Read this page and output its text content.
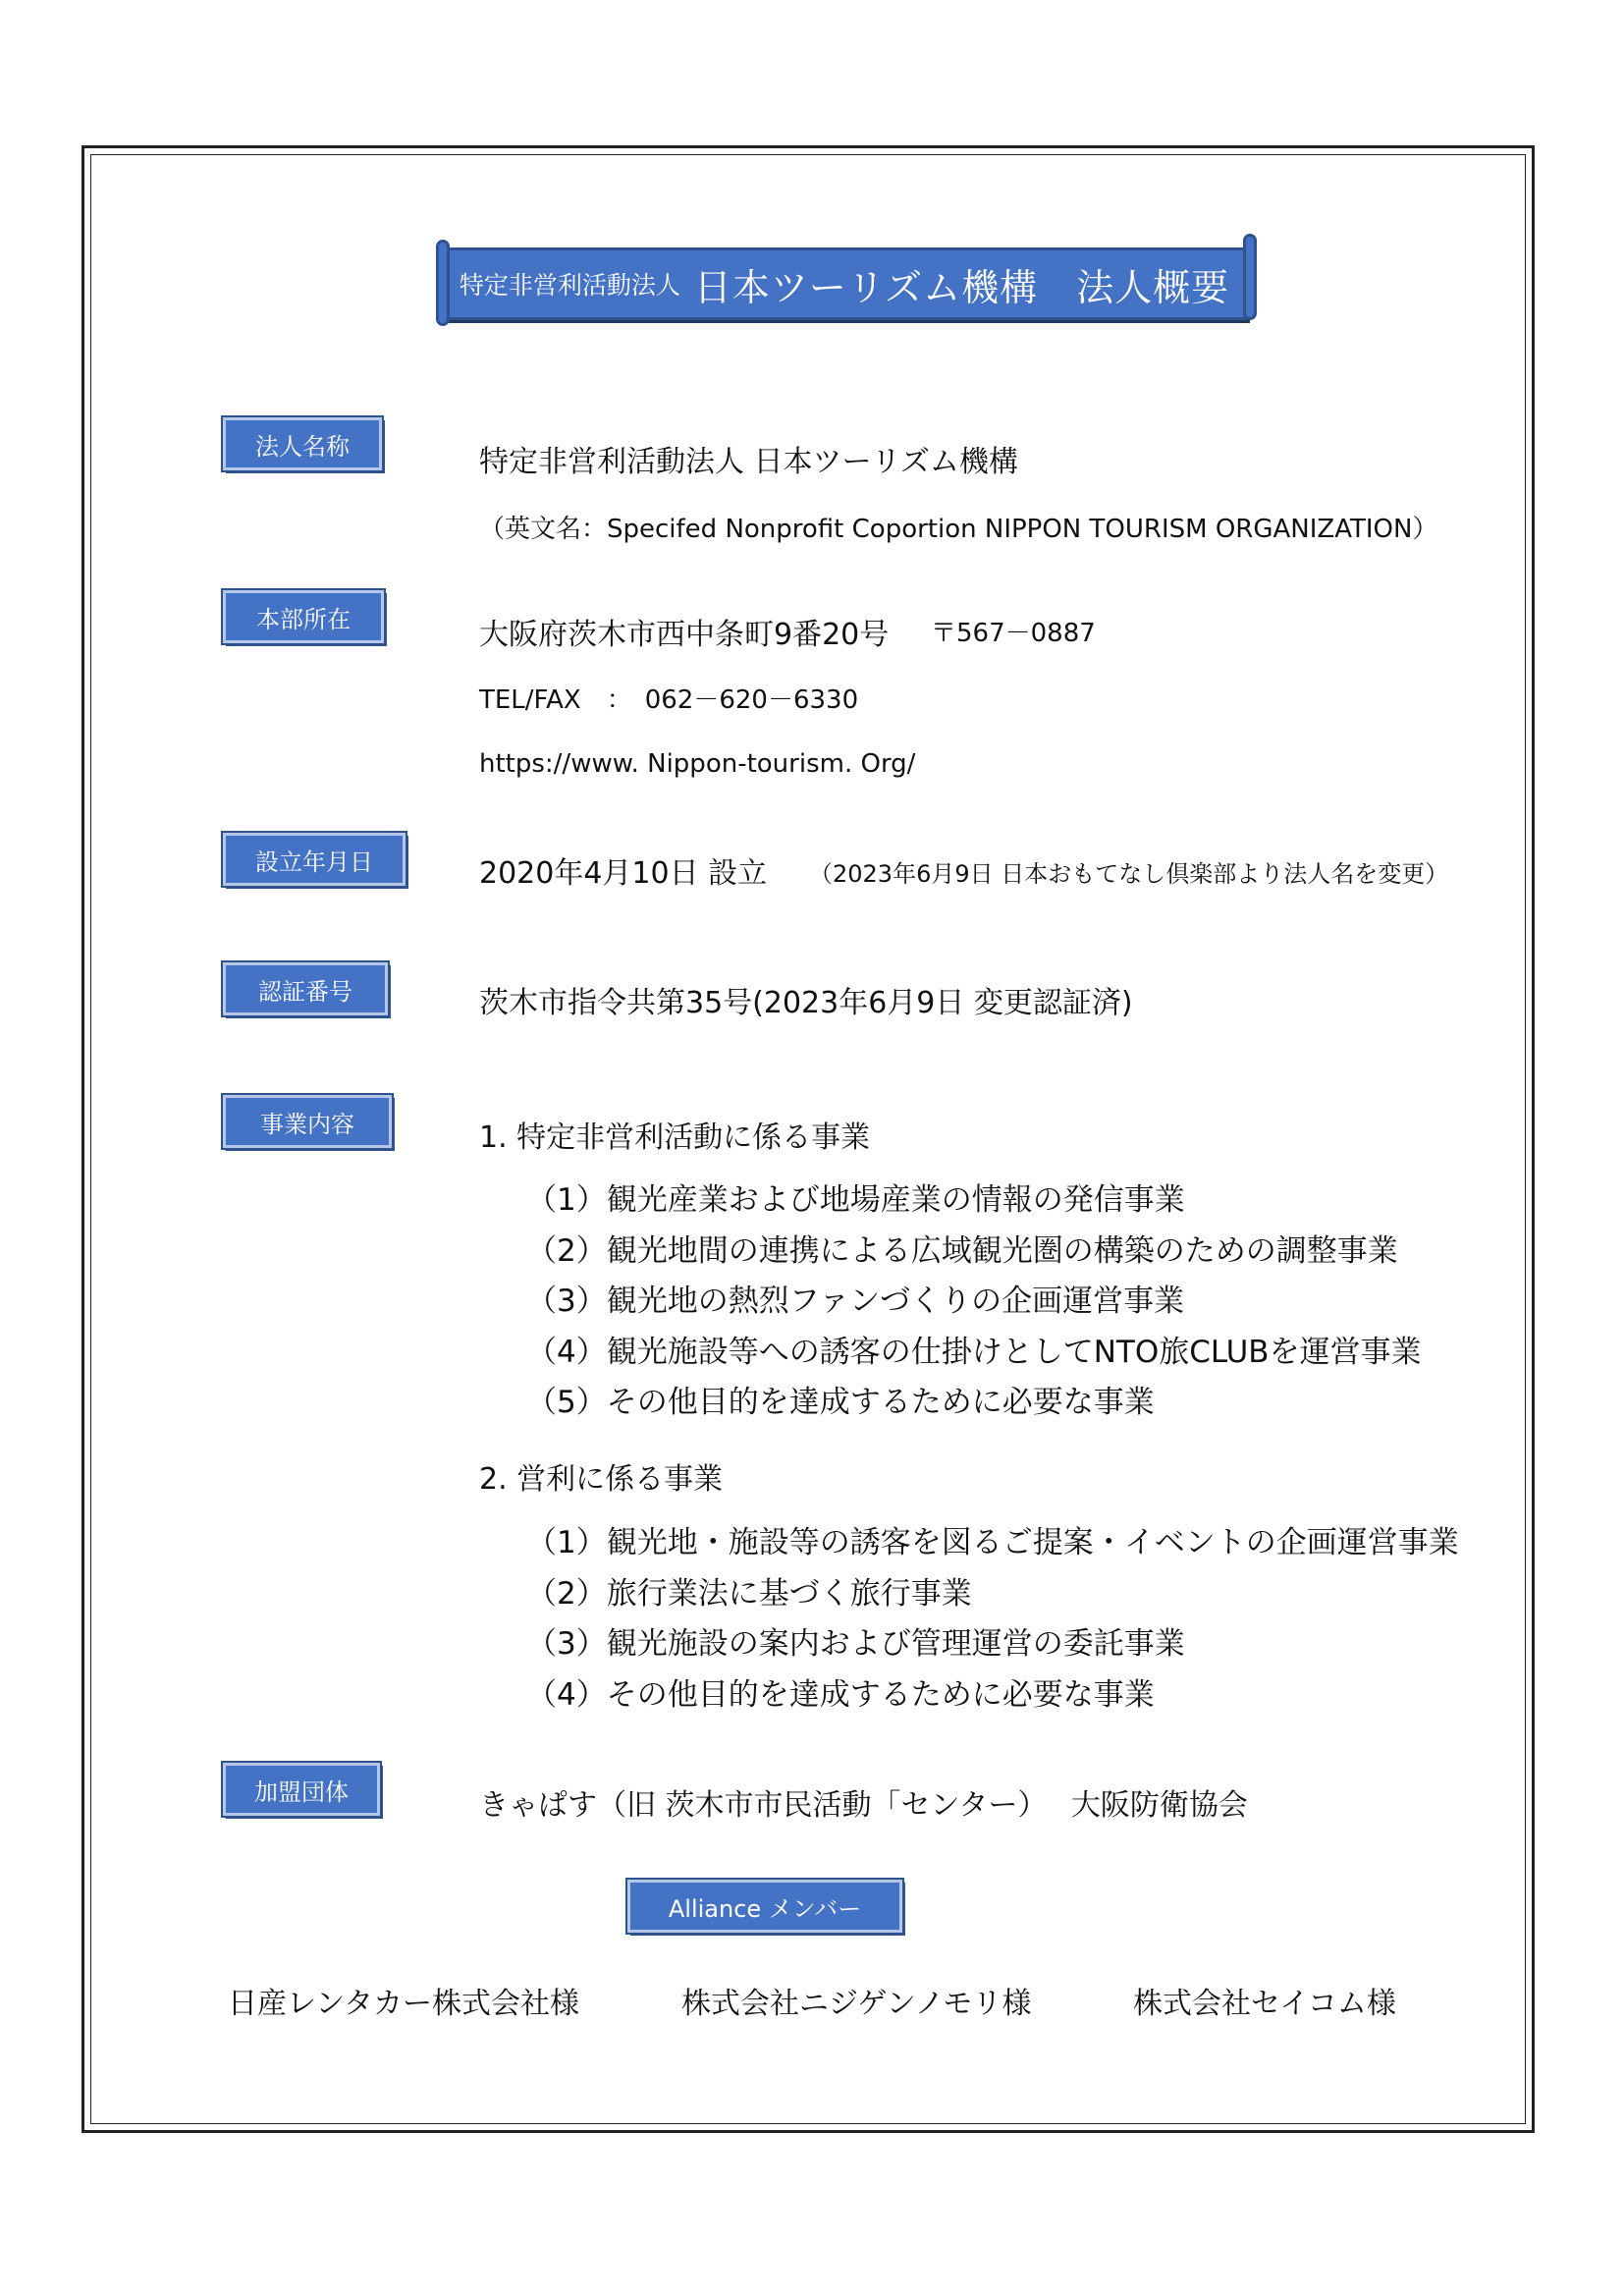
特定非営利活動法人 日本ツーリズム機構　法人概要
法人名称	特定非営利活動法人 日本ツーリズム機構
（英文名：Specifed Nonprofit Coportion NIPPON TOURISM ORGANIZATION）
本部所在	大阪府茨木市西中条町9番20号 〒567－0887
TEL/FAX　：　062－620－6330
https://www. Nippon-tourism. Org/
設立年月日	2020年4月10日 設立 （2023年6月9日 日本おもてなし倶楽部より法人名を変更）
認証番号	茨木市指令共第35号(2023年6月9日 変更認証済)
事業内容	1. 特定非営利活動に係る事業
（1）観光産業および地場産業の情報の発信事業
（2）観光地間の連携による広域観光圏の構築のための調整事業
（3）観光地の熱烈ファンづくりの企画運営事業
（4）観光施設等への誘客の仕掛けとしてNTO旅CLUBを運営事業
（5）その他目的を達成するために必要な事業
2. 営利に係る事業
（1）観光地・施設等の誘客を図るご提案・イベントの企画運営事業
（2）旅行業法に基づく旅行事業
（3）観光施設の案内および管理運営の委託事業
（4）その他目的を達成するために必要な事業
加盟団体	きゃぱす（旧 茨木市市民活動「センター）　 大阪防衛協会
Alliance メンバー
日産レンタカー株式会社様	株式会社ニジゲンノモリ様	株式会社セイコム様
